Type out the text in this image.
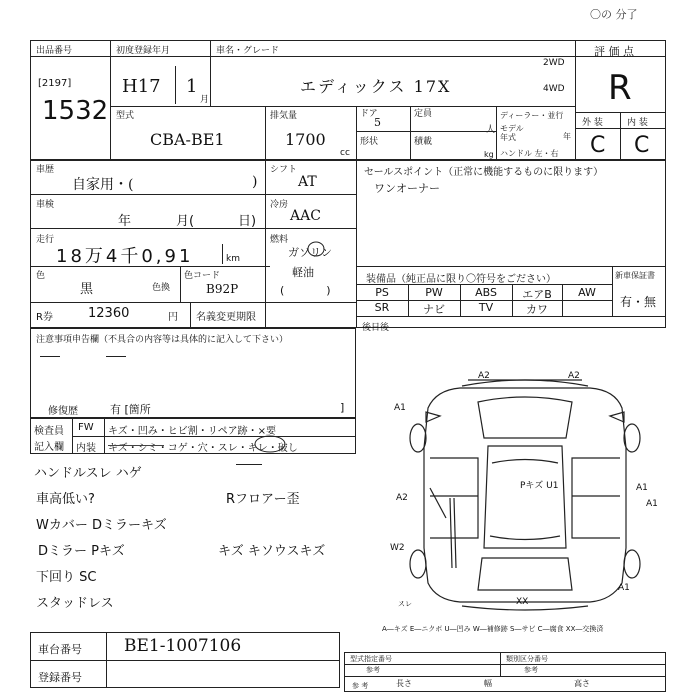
〇の 分了
出品番号
[2197]
1532
初度登録年月
H17 1
月
車名・グレード
エディックス 17X
2WD
4WD
評 価 点
R
外 装	内 装
C C
型式
CBA-BE1
排気量
1700
cc
ドア
5
定員
人
形状	積載
kg
ディーラー・並行
モデル
年式	年
ハンドル 左・右
車歴
自家用・(	)
シフト
AT
セールスポイント（正常に機能するものに限ります）
ワンオーナー
車検
年	月(	日)
冷房
AAC
走行
18万4千0,91	km
燃料
ガソリン
軽油
(            )
色
黒	色換
色コード
B92P
装備品（純正品に限り〇符号をごださい）	新車保証書
有・無
PS	PW	ABS	エアB	AW
SR	ナビ	TV	カワ
R券	12360	円 名義変更期限
後日後
注意事項申告欄（不具合の内容等は具体的に記入して下さい）
修復歴	有 [箇所	]
検査員
記入欄
FW キズ・凹み・ヒビ割・リペア跡・×要
内装 キズ・シミ・コゲ・穴・スレ・キレ・破し
ハンドルスレ ハゲ
車高低い?	Rフロアー歪
Wカバー Dミラーキズ
Dミラー Pキズ	キズ キソウスキズ
下回り SC
スタッドレス
A2	A2
A1
A2
A1
A1
W2
A1
Pキズ U1
XX
スレ
A―キズ E―ニクボ U―凹み W―補修跡 S―サビ C―腐食 XX―交換済
車台番号 BE1-1007106
登録番号
型式指定番号
参考
類別区分番号
参考
参 考	長さ	幅	高さ
